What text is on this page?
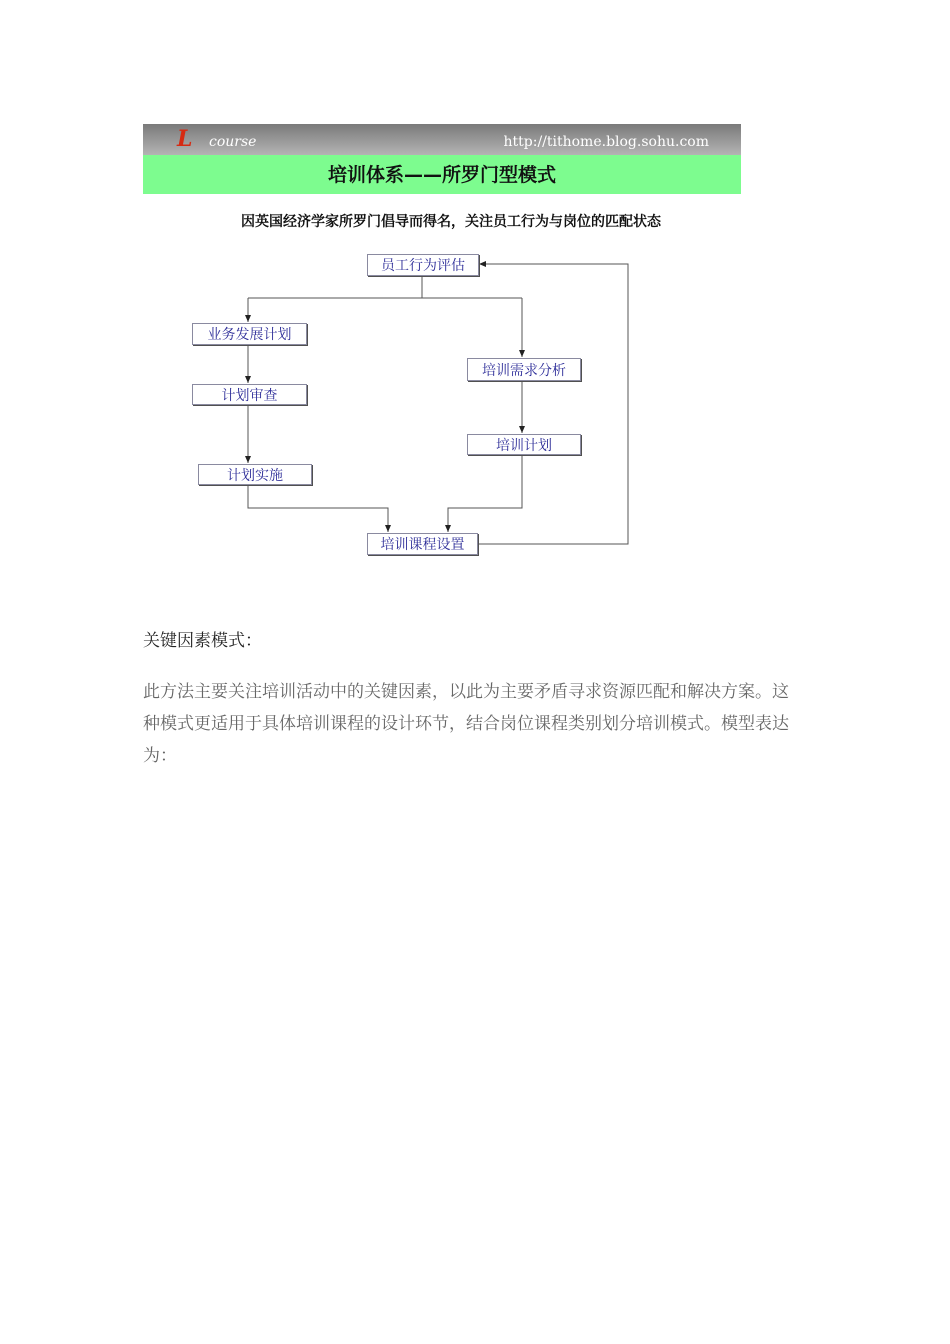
L course	http://tithome.blog.sohu.com
培训体系——所罗门型模式
因英国经济学家所罗门倡导而得名，关注员工行为与岗位的匹配状态
员工行为评估
业务发展计划
计划审查
计划实施
培训需求分析
培训计划
培训课程设置
关键因素模式：
此方法主要关注培训活动中的关键因素，以此为主要矛盾寻求资源匹配和解决方案。这种模式更适用于具体培训课程的设计环节，结合岗位课程类别划分培训模式。模型表达为：
